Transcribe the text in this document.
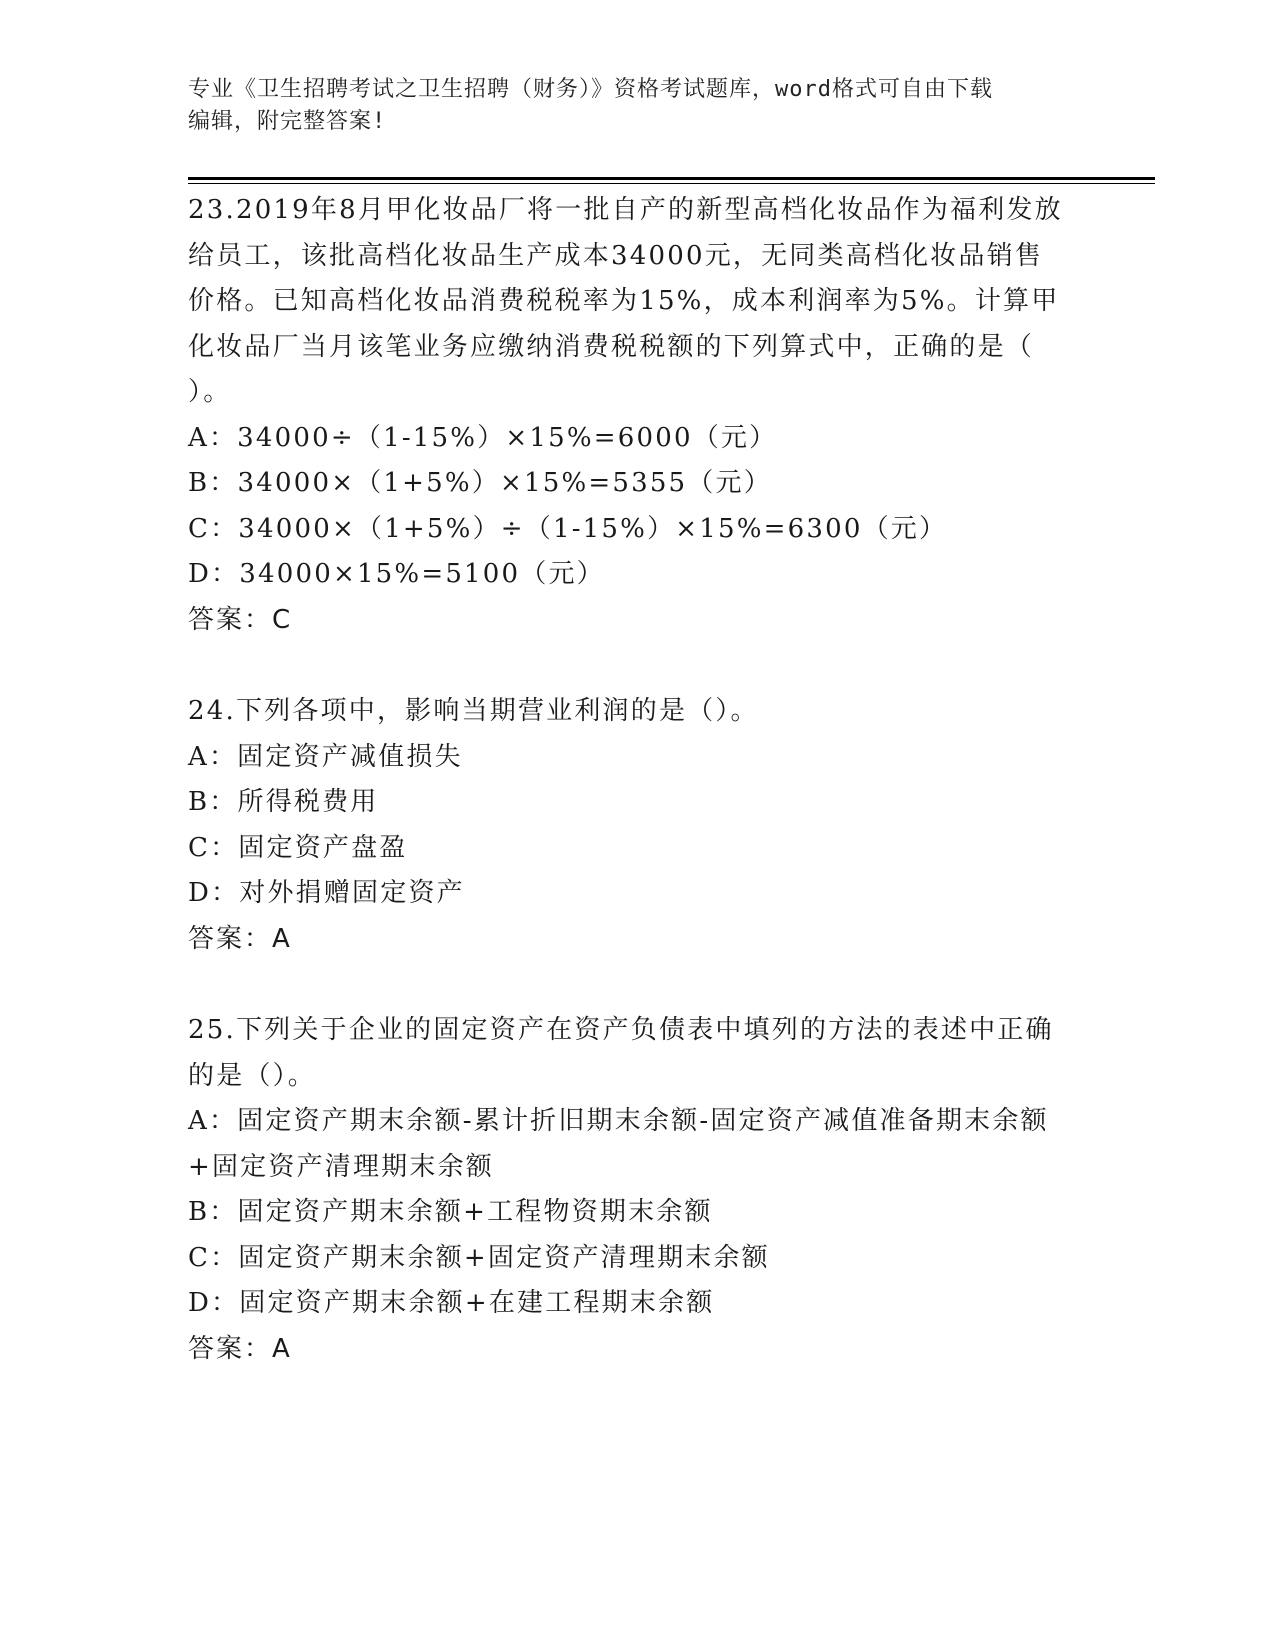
专业《卫生招聘考试之卫生招聘（财务）》资格考试题库，word格式可自由下载
编辑，附完整答案!
23.2019年8月甲化妆品厂将一批自产的新型高档化妆品作为福利发放
给员工，该批高档化妆品生产成本34000元，无同类高档化妆品销售
价格。已知高档化妆品消费税税率为15%，成本利润率为5%。计算甲
化妆品厂当月该笔业务应缴纳消费税税额的下列算式中，正确的是（
）。
A：34000÷（1-15%）×15%=6000（元）
B：34000×（1+5%）×15%=5355（元）
C：34000×（1+5%）÷（1-15%）×15%=6300（元）
D：34000×15%=5100（元）
答案：C
24.下列各项中，影响当期营业利润的是（）。
A：固定资产减值损失
B：所得税费用
C：固定资产盘盈
D：对外捐赠固定资产
答案：A
25.下列关于企业的固定资产在资产负债表中填列的方法的表述中正确
的是（）。
A：固定资产期末余额-累计折旧期末余额-固定资产减值准备期末余额
+固定资产清理期末余额
B：固定资产期末余额+工程物资期末余额
C：固定资产期末余额+固定资产清理期末余额
D：固定资产期末余额+在建工程期末余额
答案：A
